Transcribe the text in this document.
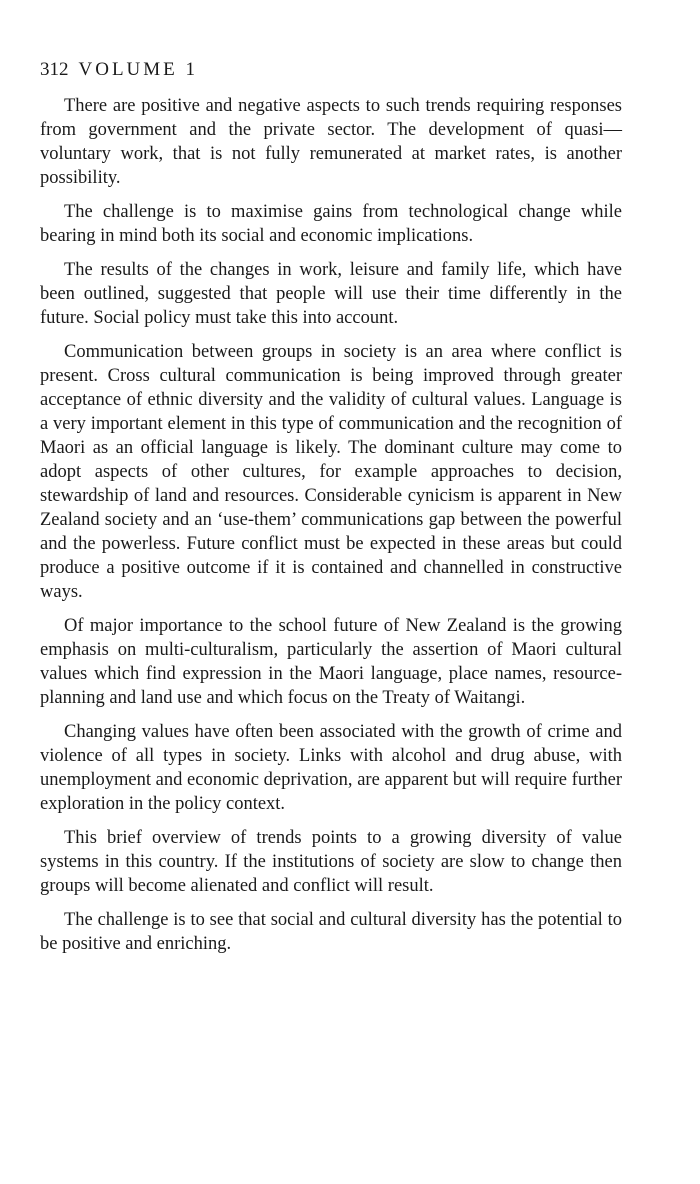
312 VOLUME 1

There are positive and negative aspects to such trends requiring responses from government and the private sector. The development of quasi—voluntary work, that is not fully remunerated at market rates, is another possibility.

The challenge is to maximise gains from technological change while bearing in mind both its social and economic implications.

The results of the changes in work, leisure and family life, which have been outlined, suggested that people will use their time differently in the future. Social policy must take this into account.

Communication between groups in society is an area where conflict is present. Cross cultural communication is being improved through greater acceptance of ethnic diversity and the validity of cultural values. Language is a very important element in this type of communication and the recognition of Maori as an official language is likely. The dominant culture may come to adopt aspects of other cultures, for example approaches to decision, stewardship of land and resources. Considerable cynicism is apparent in New Zealand society and an ‘use-them’ communications gap between the powerful and the powerless. Future conflict must be expected in these areas but could produce a positive outcome if it is contained and channelled in constructive ways.

Of major importance to the school future of New Zealand is the growing emphasis on multi-culturalism, particularly the assertion of Maori cultural values which find expression in the Maori language, place names, resource-planning and land use and which focus on the Treaty of Waitangi.

Changing values have often been associated with the growth of crime and violence of all types in society. Links with alcohol and drug abuse, with unemployment and economic deprivation, are apparent but will require further exploration in the policy context.

This brief overview of trends points to a growing diversity of value systems in this country. If the institutions of society are slow to change then groups will become alienated and conflict will result.

The challenge is to see that social and cultural diversity has the potential to be positive and enriching.
